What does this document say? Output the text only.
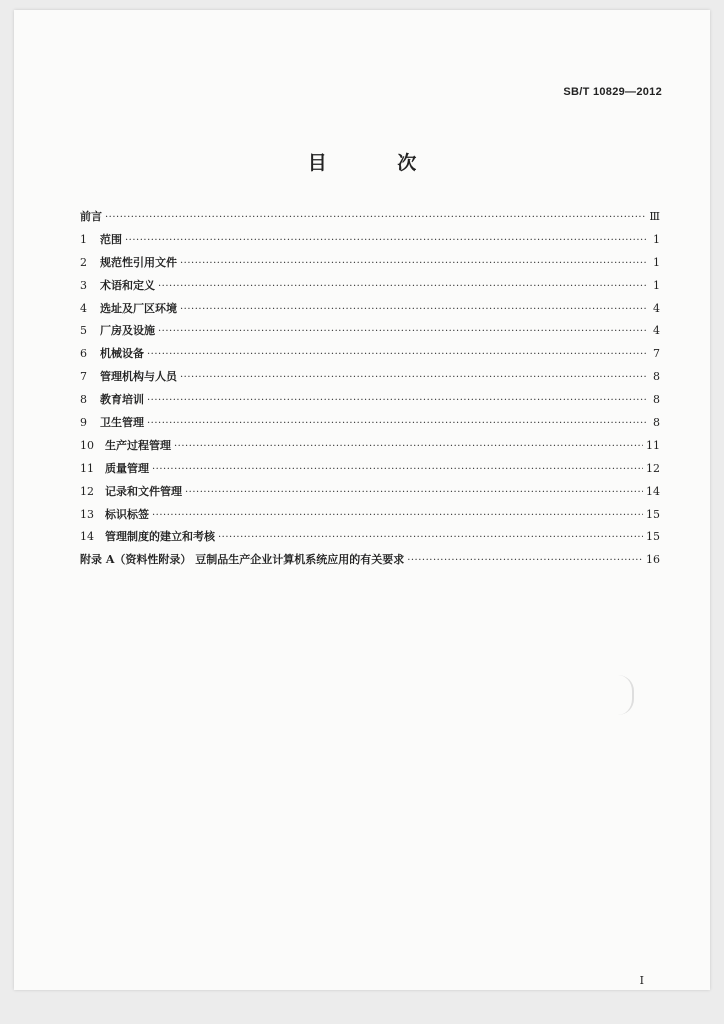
SB/T 10829—2012
目 次
前言 ·····	Ⅲ
1	范围 ·····	1
2	规范性引用文件 ·····	1
3	术语和定义 ·····	1
4	选址及厂区环境 ·····	4
5	厂房及设施 ·····	4
6	机械设备 ·····	7
7	管理机构与人员 ·····	8
8	教育培训 ·····	8
9	卫生管理 ·····	8
10	生产过程管理 ·····	11
11	质量管理 ·····	12
12	记录和文件管理 ·····	14
13	标识标签 ·····	15
14	管理制度的建立和考核 ·····	15
附录 A（资料性附录） 豆制品生产企业计算机系统应用的有关要求 ·····	16
I
